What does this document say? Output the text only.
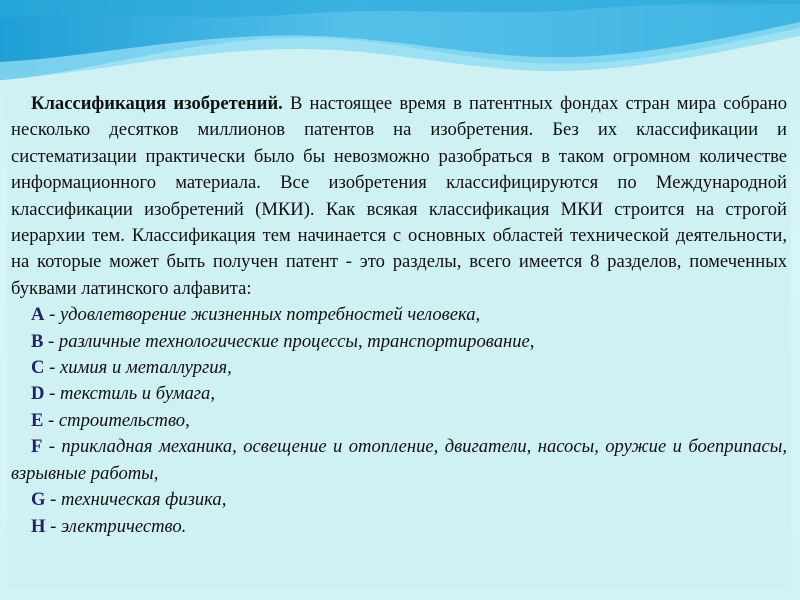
Классификация изобретений. В настоящее время в патентных фондах стран мира собрано несколько десятков миллионов патентов на изобретения. Без их классификации и систематизации практически было бы невозможно разобраться в таком огромном количестве информационного материала. Все изобретения классифицируются по Международной классификации изобретений (МКИ). Как всякая классификация МКИ строится на строгой иерархии тем. Классификация тем начинается с основных областей технической деятельности, на которые может быть получен патент - это разделы, всего имеется 8 разделов, помеченных буквами латинского алфавита:

A - удовлетворение жизненных потребностей человека,
B - различные технологические процессы, транспортирование,
C - химия и металлургия,
D - текстиль и бумага,
E - строительство,
F - прикладная механика, освещение и отопление, двигатели, насосы, оружие и боеприпасы, взрывные работы,
G - техническая физика,
H - электричество.
